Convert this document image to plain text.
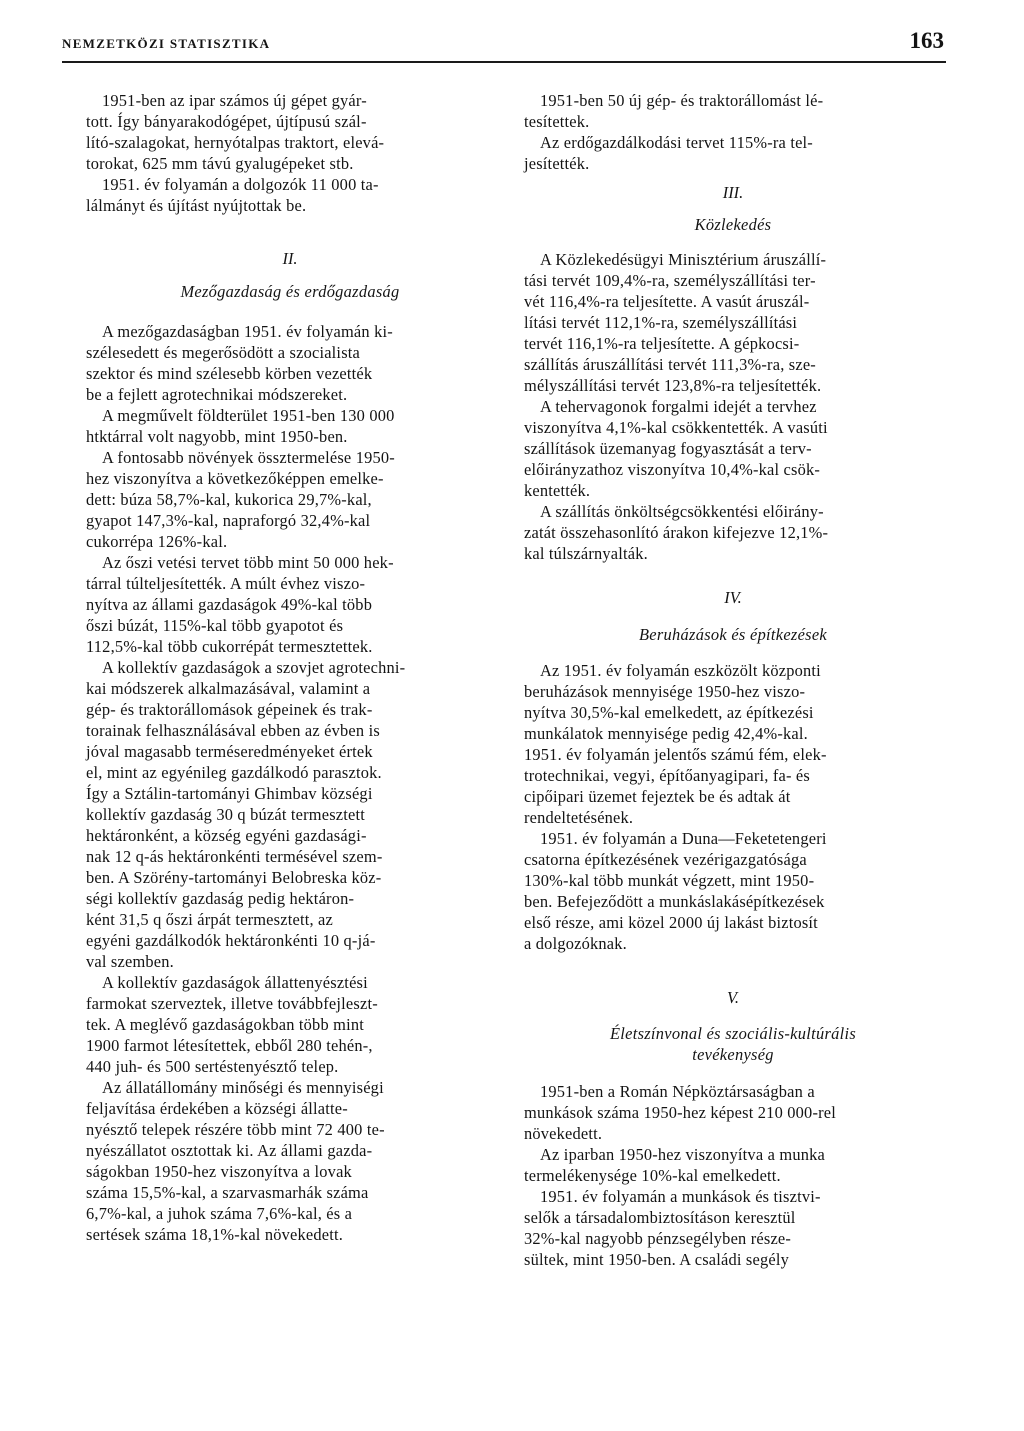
NEMZETKÖZI STATISZTIKA	163

1951-ben az ipar számos új gépet gyár-
tott. Így bányarakodógépet, újtípusú szál-
lító-szalagokat, hernyótalpas traktort, elevá-
torokat, 625 mm távú gyalugépeket stb.

1951. év folyamán a dolgozók 11 000 ta-
lálmányt és újítást nyújtottak be.

II.

Mezőgazdaság és erdőgazdaság

A mezőgazdaságban 1951. év folyamán ki-
szélesedett és megerősödött a szocialista
szektor és mind szélesebb körben vezették
be a fejlett agrotechnikai módszereket.

A megművelt földterület 1951-ben 130 000
htktárral volt nagyobb, mint 1950-ben.

A fontosabb növények össztermelése 1950-
hez viszonyítva a következőképpen emelke-
dett: búza 58,7%-kal, kukorica 29,7%-kal,
gyapot 147,3%-kal, napraforgó 32,4%-kal
cukorrépa 126%-kal.

Az őszi vetési tervet több mint 50 000 hek-
tárral túlteljesítették. A múlt évhez viszo-
nyítva az állami gazdaságok 49%-kal több
őszi búzát, 115%-kal több gyapotot és
112,5%-kal több cukorrépát termesztettek.

A kollektív gazdaságok a szovjet agrotechni-
kai módszerek alkalmazásával, valamint a
gép- és traktorállomások gépeinek és trak-
torainak felhasználásával ebben az évben is
jóval magasabb terméseredményeket értek
el, mint az egyénileg gazdálkodó parasztok.
Így a Sztálin-tartományi Ghimbav községi
kollektív gazdaság 30 q búzát termesztett
hektáronként, a község egyéni gazdasági-
nak 12 q-ás hektáronkénti termésével szem-
ben. A Szörény-tartományi Belobreska köz-
ségi kollektív gazdaság pedig hektáron-
ként 31,5 q őszi árpát termesztett, az
egyéni gazdálkodók hektáronkénti 10 q-já-
val szemben.

A kollektív gazdaságok állattenyésztési
farmokat szerveztek, illetve továbbfejleszt-
tek. A meglévő gazdaságokban több mint
1900 farmot létesítettek, ebből 280 tehén-,
440 juh- és 500 sertéstenyésztő telep.

Az állatállomány minőségi és mennyiségi
feljavítása érdekében a községi állatte-
nyésztő telepek részére több mint 72 400 te-
nyészállatot osztottak ki. Az állami gazda-
ságokban 1950-hez viszonyítva a lovak
száma 15,5%-kal, a szarvasmarhák száma
6,7%-kal, a juhok száma 7,6%-kal, és a
sertések száma 18,1%-kal növekedett.

1951-ben 50 új gép- és traktorállomást lé-
tesítettek.

Az erdőgazdálkodási tervet 115%-ra tel-
jesítették.

III.

Közlekedés

A Közlekedésügyi Minisztérium áruszállí-
tási tervét 109,4%-ra, személyszállítási ter-
vét 116,4%-ra teljesítette. A vasút áruszál-
lítási tervét 112,1%-ra, személyszállítási
tervét 116,1%-ra teljesítette. A gépkocsi-
szállítás áruszállítási tervét 111,3%-ra, sze-
mélyszállítási tervét 123,8%-ra teljesítették.

A tehervagonok forgalmi idejét a tervhez
viszonyítva 4,1%-kal csökkentették. A vasúti
szállítások üzemanyag fogyasztását a terv-
előirányzathoz viszonyítva 10,4%-kal csök-
kentették.

A szállítás önköltségcsökkentési előirány-
zatát összehasonlító árakon kifejezve 12,1%-
kal túlszárnyalták.

IV.

Beruházások és építkezések

Az 1951. év folyamán eszközölt központi
beruházások mennyisége 1950-hez viszo-
nyítva 30,5%-kal emelkedett, az építkezési
munkálatok mennyisége pedig 42,4%-kal.
1951. év folyamán jelentős számú fém, elek-
trotechnikai, vegyi, építőanyagipari, fa- és
cipőipari üzemet fejeztek be és adtak át
rendeltetésének.

1951. év folyamán a Duna—Feketetengeri
csatorna építkezésének vezérigazgatósága
130%-kal több munkát végzett, mint 1950-
ben. Befejeződött a munkáslakásépítkezések
első része, ami közel 2000 új lakást biztosít
a dolgozóknak.

V.

Életszínvonal és szociális-kultúrális
tevékenység

1951-ben a Román Népköztársaságban a
munkások száma 1950-hez képest 210 000-rel
növekedett.

Az iparban 1950-hez viszonyítva a munka
termelékenysége 10%-kal emelkedett.

1951. év folyamán a munkások és tisztvi-
selők a társadalombiztosításon keresztül
32%-kal nagyobb pénzsegélyben része-
sültek, mint 1950-ben. A családi segély
